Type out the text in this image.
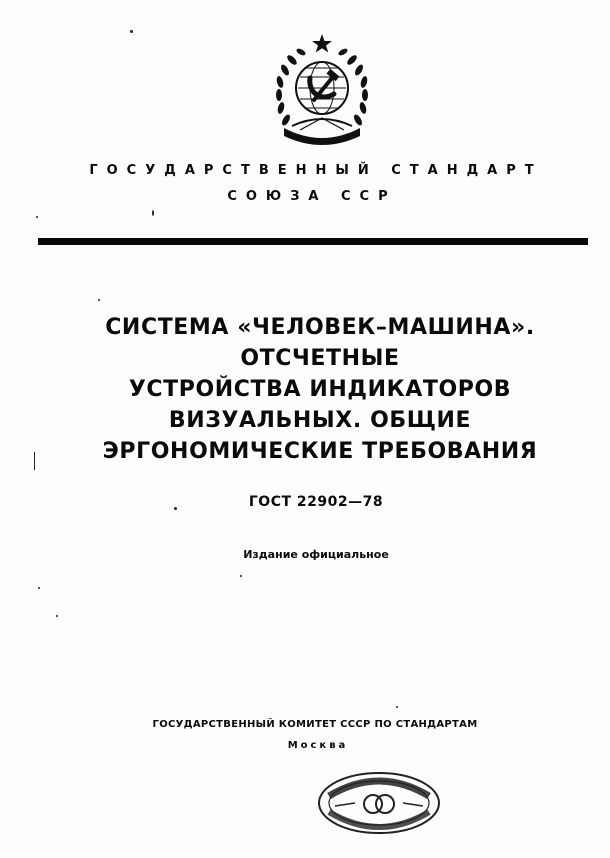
ГОСУДАРСТВЕННЫЙ СТАНДАРТ
СОЮЗА ССР
СИСТЕМА «ЧЕЛОВЕК–МАШИНА».
ОТСЧЕТНЫЕ
УСТРОЙСТВА ИНДИКАТОРОВ
ВИЗУАЛЬНЫХ. ОБЩИЕ
ЭРГОНОМИЧЕСКИЕ ТРЕБОВАНИЯ
ГОСТ 22902—78
Издание официальное
ГОСУДАРСТВЕННЫЙ КОМИТЕТ СССР ПО СТАНДАРТАМ
Москва
